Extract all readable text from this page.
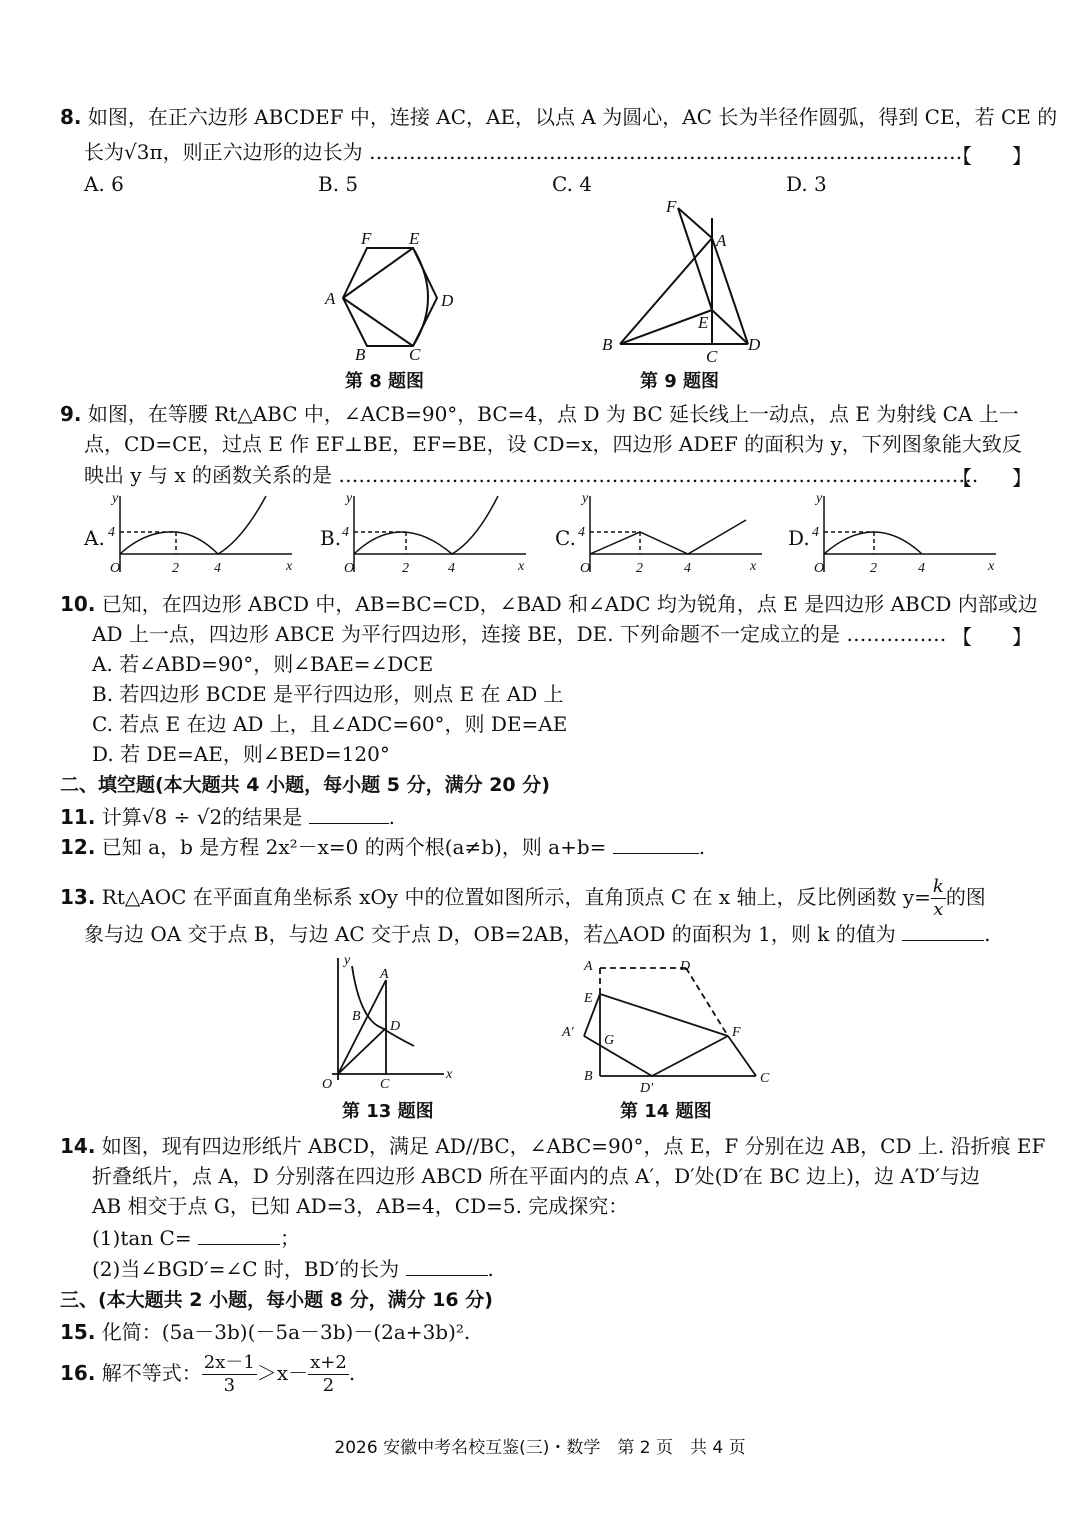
8. 如图，在正六边形 ABCDEF 中，连接 AC，AE，以点 A 为圆心，AC 长为半径作圆弧，得到 CE，若 CE 的
长为√3π，则正六边形的边长为 ………………………………………………………………………………
【　　】
A. 6	B. 5	C. 4	D. 3
F E
A	D
B	C
第 8 题图
F
A
E
B
C
D
第 9 题图
9. 如图，在等腰 Rt△ABC 中，∠ACB=90°，BC=4，点 D 为 BC 延长线上一动点，点 E 为射线 CA 上一
点，CD=CE，过点 E 作 EF⊥BE，EF=BE，设 CD=x，四边形 ADEF 的面积为 y，下列图象能大致反
映出 y 与 x 的函数关系的是 ……………………………………………………………………………………
【　　】
A.
y
x
O	2	4
4	B.
y
x
O	2	4
4	C.
y
x
O	2	4
4	D.
y
x
O	2	4
4
10. 已知，在四边形 ABCD 中，AB=BC=CD，∠BAD 和∠ADC 均为锐角，点 E 是四边形 ABCD 内部或边
AD 上一点，四边形 ABCE 为平行四边形，连接 BE，DE. 下列命题不一定成立的是 …………… 【　　】
A. 若∠ABD=90°，则∠BAE=∠DCE
B. 若四边形 BCDE 是平行四边形，则点 E 在 AD 上
C. 若点 E 在边 AD 上，且∠ADC=60°，则 DE=AE
D. 若 DE=AE，则∠BED=120°
二、填空题(本大题共 4 小题，每小题 5 分，满分 20 分)
11. 计算√8 ÷ √2的结果是	.
12. 已知 a，b 是方程 2x²－x=0 的两个根(a≠b)，则 a+b=	.
13. Rt△AOC 在平面直角坐标系 xOy 中的位置如图所示，直角顶点 C 在 x 轴上，反比例函数 $y= \frac{k}{x}$ 的图
象与边 OA 交于点 B，与边 AC 交于点 D，OB=2AB，若△AOD 的面积为 1，则 k 的值为	.
y
A
B
D
O	C
x
第 13 题图
A	D
E
A′
G
F
B
D′
C
第 14 题图
14. 如图，现有四边形纸片 ABCD，满足 AD//BC，∠ABC=90°，点 E，F 分别在边 AB，CD 上. 沿折痕 EF
折叠纸片，点 A，D 分别落在四边形 ABCD 所在平面内的点 A′，D′处(D′在 BC 边上)，边 A′D′与边
AB 相交于点 G，已知 AD=3，AB=4，CD=5. 完成探究：
(1)tan C=	；
(2)当∠BGD′=∠C 时，BD′的长为	.
三、(本大题共 2 小题，每小题 8 分，满分 16 分)
15. 化简：(5a－3b)(－5a－3b)－(2a+3b)².
16. 解不等式： $\frac{2x-1}{3} >x- \frac{x+2}{2}$ .
2026 安徽中考名校互鉴(三)・数学　第 2 页　共 4 页
